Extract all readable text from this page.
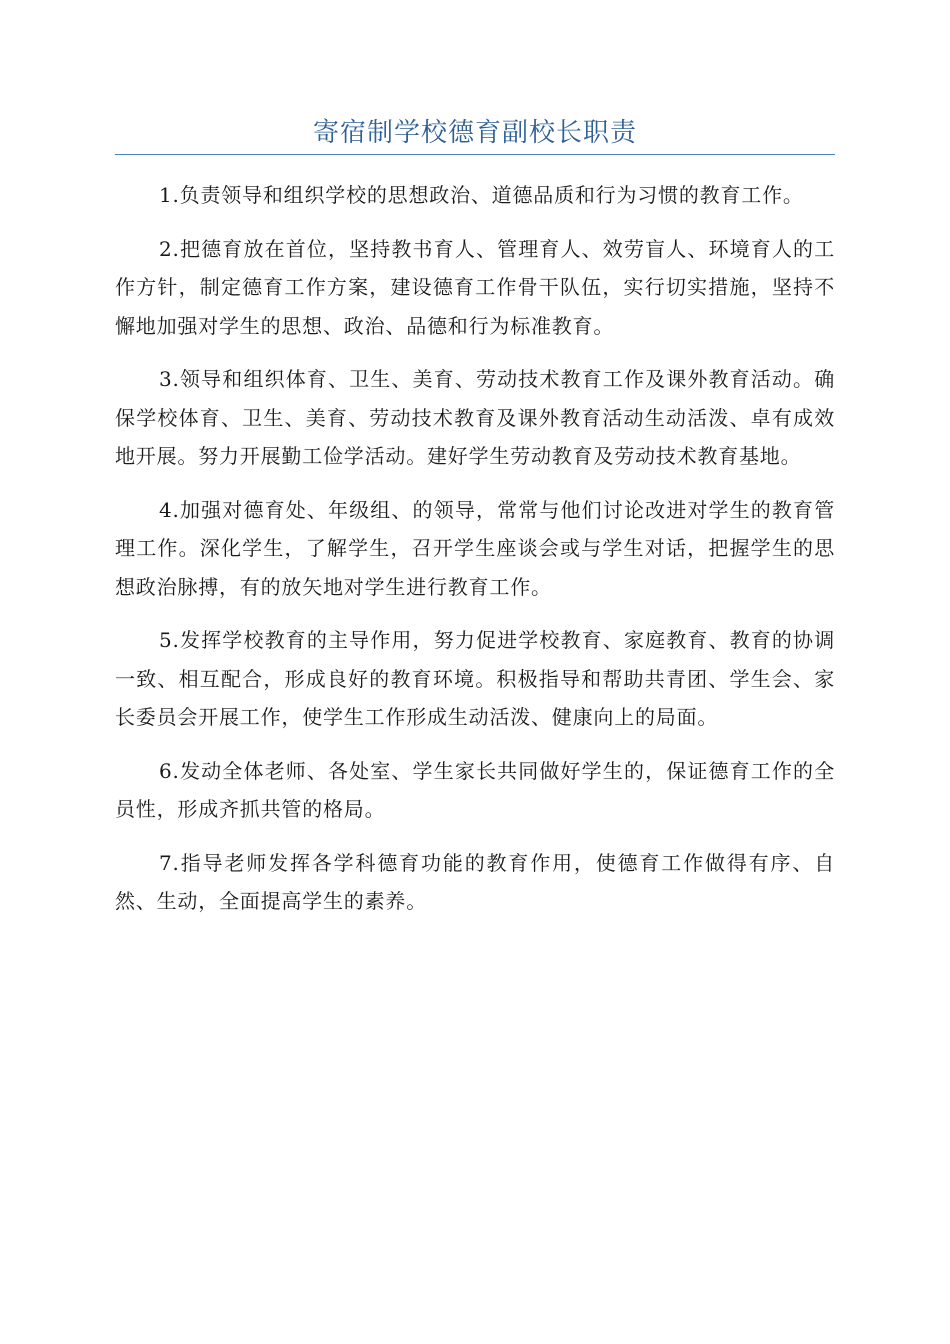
寄宿制学校德育副校长职责

1.负责领导和组织学校的思想政治、道德品质和行为习惯的教育工作。

2.把德育放在首位，坚持教书育人、管理育人、效劳盲人、环境育人的工作方针，制定德育工作方案，建设德育工作骨干队伍，实行切实措施，坚持不懈地加强对学生的思想、政治、品德和行为标准教育。

3.领导和组织体育、卫生、美育、劳动技术教育工作及课外教育活动。确保学校体育、卫生、美育、劳动技术教育及课外教育活动生动活泼、卓有成效地开展。努力开展勤工俭学活动。建好学生劳动教育及劳动技术教育基地。

4.加强对德育处、年级组、的领导，常常与他们讨论改进对学生的教育管理工作。深化学生，了解学生，召开学生座谈会或与学生对话，把握学生的思想政治脉搏，有的放矢地对学生进行教育工作。

5.发挥学校教育的主导作用，努力促进学校教育、家庭教育、教育的协调一致、相互配合，形成良好的教育环境。积极指导和帮助共青团、学生会、家长委员会开展工作，使学生工作形成生动活泼、健康向上的局面。

6.发动全体老师、各处室、学生家长共同做好学生的，保证德育工作的全员性，形成齐抓共管的格局。

7.指导老师发挥各学科德育功能的教育作用，使德育工作做得有序、自然、生动，全面提高学生的素养。
